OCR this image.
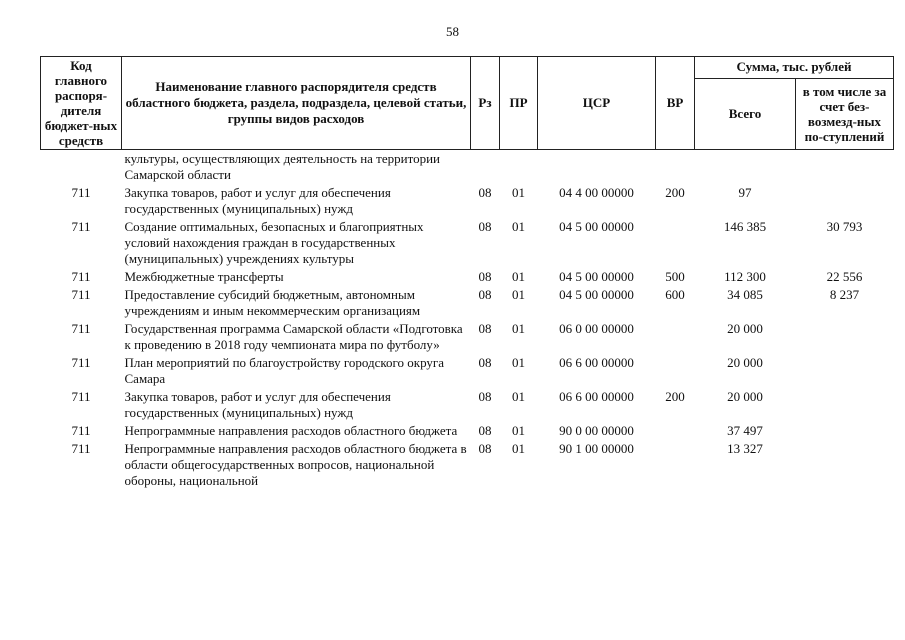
58
Код главного распоря-дителя бюджет-ных средств	Наименование главного распорядителя средств областного бюджета, раздела, подраздела, целевой статьи, группы видов расходов	Рз	ПР	ЦСР	ВР	Сумма, тыс. рублей	
						Всего	в том числе за счет без-возмезд-ных по-ступлений
	культуры, осуществляющих деятельность на территории Самарской области						
711	Закупка товаров, работ и услуг для обеспечения государственных (муниципальных) нужд	08	01	04 4 00 00000	200	97	
711	Создание оптимальных, безопасных и благоприятных условий нахождения граждан в государственных (муниципальных) учреждениях культуры	08	01	04 5 00 00000		146 385	30 793
711	Межбюджетные трансферты	08	01	04 5 00 00000	500	112 300	22 556
711	Предоставление субсидий бюджетным, автономным учреждениям и иным некоммерческим организациям	08	01	04 5 00 00000	600	34 085	8 237
711	Государственная программа Самарской области «Подготовка к проведению в 2018 году чемпионата мира по футболу»	08	01	06 0 00 00000		20 000	
711	План мероприятий по благоустройству городского округа Самара	08	01	06 6 00 00000		20 000	
711	Закупка товаров, работ и услуг для обеспечения государственных (муниципальных) нужд	08	01	06 6 00 00000	200	20 000	
711	Непрограммные направления расходов областного бюджета	08	01	90 0 00 00000		37 497	
711	Непрограммные направления расходов областного бюджета в области общегосударственных вопросов, национальной обороны, национальной	08	01	90 1 00 00000		13 327	
